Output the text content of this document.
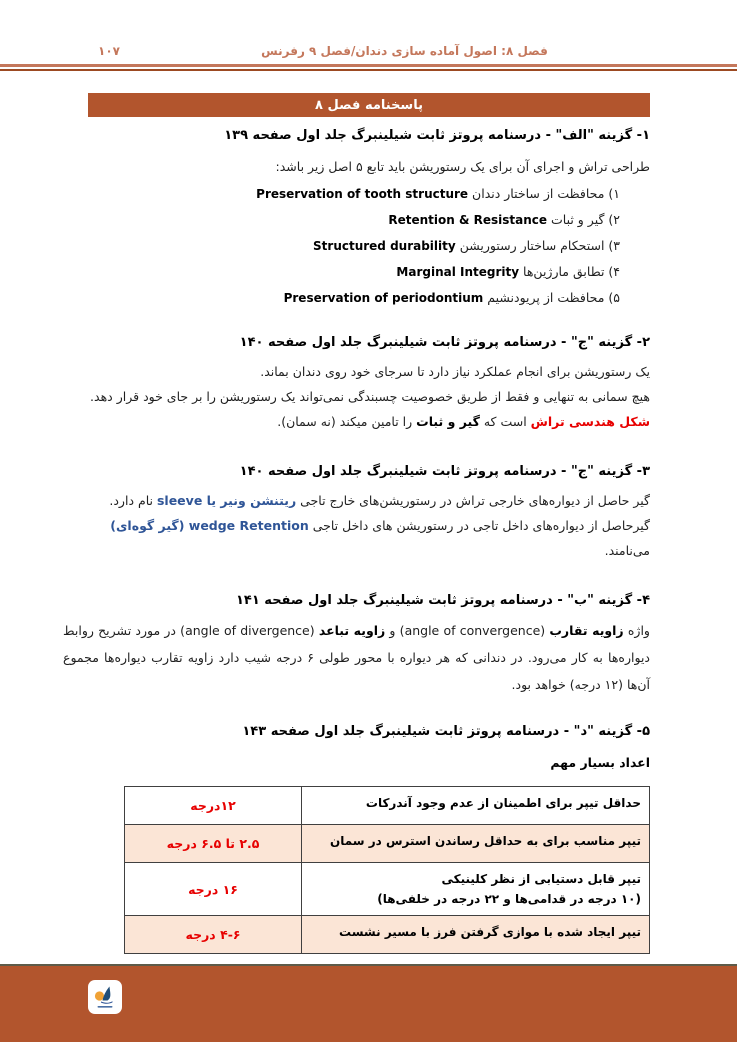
۱۰۷	فصل ۸: اصول آماده سازی دندان/فصل ۹ رفرنس
پاسخنامه فصل ۸
۱- گزینه "الف" - درسنامه پروتز ثابت شیلینبرگ جلد اول صفحه ۱۳۹
طراحی تراش و اجرای آن برای یک رستوریشن باید تابع ۵ اصل زیر باشد:
۱) محافظت از ساختار دندان Preservation of tooth structure
۲) گیر و ثبات Retention & Resistance
۳) استحکام ساختار رستوریشن Structured durability
۴) تطابق مارژین‌ها Marginal Integrity
۵) محافظت از پریودنشیم Preservation of periodontium
۲- گزینه "ج" - درسنامه پروتز ثابت شیلینبرگ جلد اول صفحه ۱۴۰
یک رستوریشن برای انجام عملکرد نیاز دارد تا سرجای خود روی دندان بماند.
هیچ سمانی به تنهایی و فقط از طریق خصوصیت چسبندگی نمی‌تواند یک رستوریشن را بر جای خود قرار دهد.
شکل هندسی تراش است که گیر و ثبات را تامین میکند (نه سمان).
۳- گزینه "ج" - درسنامه پروتز ثابت شیلینبرگ جلد اول صفحه ۱۴۰
گیر حاصل از دیواره‌های خارجی تراش در رستوریشن‌های خارج تاجی ریتنشن ونیر یا sleeve نام دارد.
گیرحاصل از دیواره‌های داخل تاجی در رستوریشن های داخل تاجی wedge Retention (گیر گوه‌ای) می‌نامند.
۴- گزینه "ب" - درسنامه پروتز ثابت شیلینبرگ جلد اول صفحه ۱۴۱
واژه زاویه تقارب (angle of convergence) و زاویه تباعد (angle of divergence) در مورد تشریح روابط دیواره‌ها به کار می‌رود. در دندانی که هر دیواره با محور طولی ۶ درجه شیب دارد زاویه تقارب دیواره‌ها مجموع آن‌ها (۱۲ درجه) خواهد بود.
۵- گزینه "د" - درسنامه پروتز ثابت شیلینبرگ جلد اول صفحه ۱۴۳
اعداد بسیار مهم
حداقل تیپر برای اطمینان از عدم وجود آندرکات
۱۲درجه
تیپر مناسب برای به حداقل رساندن استرس در سمان
۲.۵ تا ۶.۵ درجه
تیپر قابل دستیابی از نظر کلینیکی
(۱۰ درجه در قدامی‌ها و ۲۲ درجه در خلفی‌ها)
۱۶ درجه
تیپر ایجاد شده با موازی گرفتن فرز با مسیر نشست
۴-۶ درجه
